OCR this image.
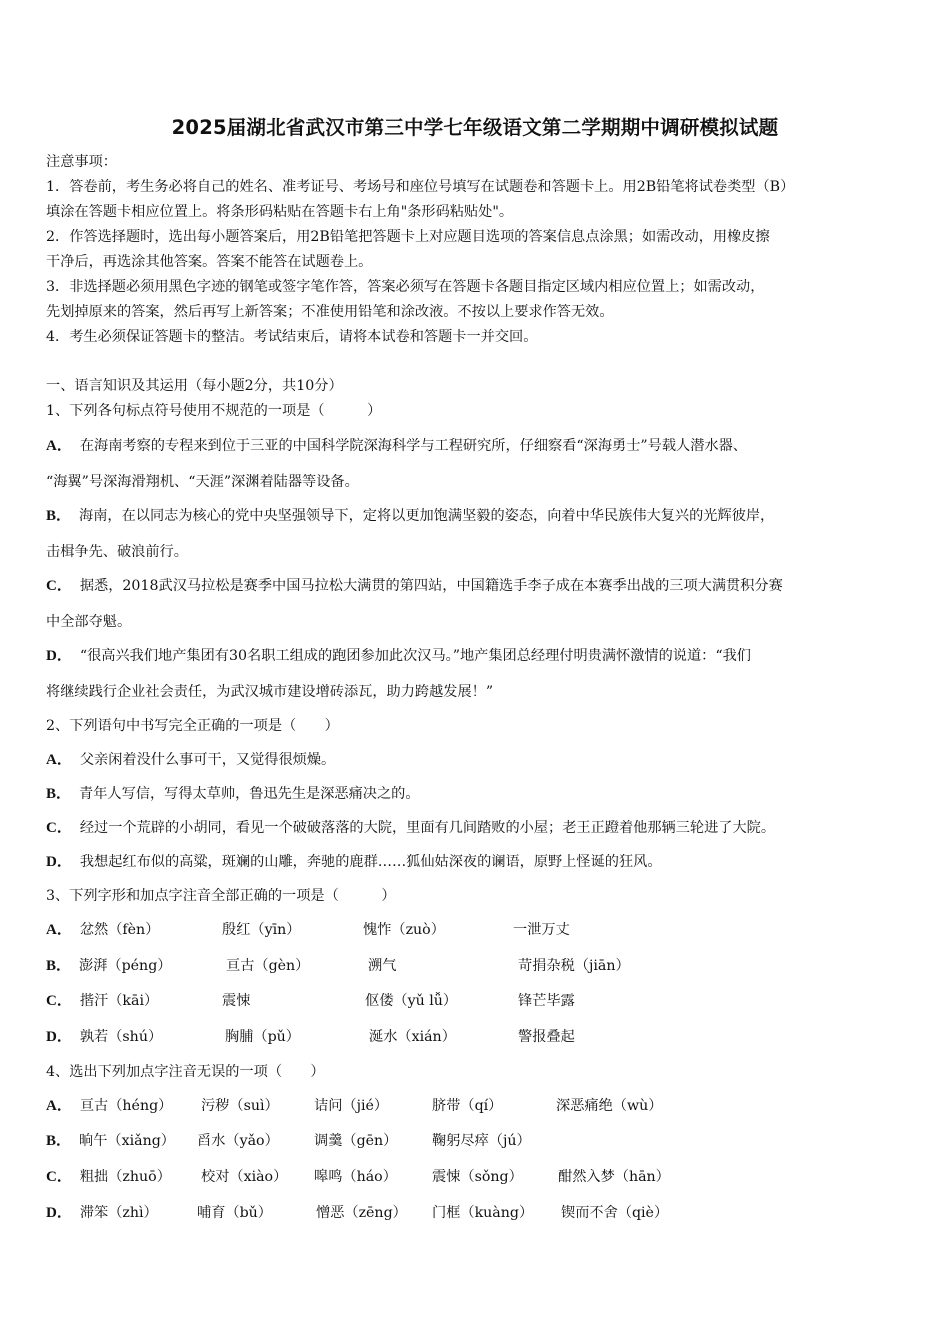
2025届湖北省武汉市第三中学七年级语文第二学期期中调研模拟试题
注意事项：
1．答卷前，考生务必将自己的姓名、准考证号、考场号和座位号填写在试题卷和答题卡上。用2B铅笔将试卷类型（B）
填涂在答题卡相应位置上。将条形码粘贴在答题卡右上角"条形码粘贴处"。
2．作答选择题时，选出每小题答案后，用2B铅笔把答题卡上对应题目选项的答案信息点涂黑；如需改动，用橡皮擦
干净后，再选涂其他答案。答案不能答在试题卷上。
3．非选择题必须用黑色字迹的钢笔或签字笔作答，答案必须写在答题卡各题目指定区域内相应位置上；如需改动，
先划掉原来的答案，然后再写上新答案；不准使用铅笔和涂改液。不按以上要求作答无效。
4．考生必须保证答题卡的整洁。考试结束后，请将本试卷和答题卡一并交回。
一、语言知识及其运用（每小题2分，共10分）
1、下列各句标点符号使用不规范的一项是（　　　）
A． 在海南考察的专程来到位于三亚的中国科学院深海科学与工程研究所，仔细察看“深海勇士”号载人潜水器、
“海翼”号深海滑翔机、“天涯”深渊着陆器等设备。
B． 海南，在以同志为核心的党中央坚强领导下，定将以更加饱满坚毅的姿态，向着中华民族伟大复兴的光辉彼岸，
击楫争先、破浪前行。
C． 据悉，2018武汉马拉松是赛季中国马拉松大满贯的第四站，中国籍选手李子成在本赛季出战的三项大满贯积分赛
中全部夺魁。
D． “很高兴我们地产集团有30名职工组成的跑团参加此次汉马。”地产集团总经理付明贵满怀激情的说道：“我们
将继续践行企业社会责任，为武汉城市建设增砖添瓦，助力跨越发展！”
2、下列语句中书写完全正确的一项是（　　）
A． 父亲闲着没什么事可干，又觉得很烦燥。
B． 青年人写信，写得太草帅，鲁迅先生是深恶痛决之的。
C． 经过一个荒辟的小胡同，看见一个破破落落的大院，里面有几间踏败的小屋；老王正蹬着他那辆三轮进了大院。
D． 我想起红布似的高粱，斑斓的山雕，奔驰的鹿群……狐仙姑深夜的谰语，原野上怪诞的狂风。
3、下列字形和加点字注音全部正确的一项是（　　　）
A． 忿然（fèn）	殷红（yīn）	愧怍（zuò）	一泄万丈
B． 澎湃（péng）	亘古（gèn）	溯气	苛捐杂税（jiān）
C． 揩汗（kāi）	震悚	伛偻（yǔ lǚ）	锋芒毕露
D． 孰若（shú）	胸脯（pǔ）	涎水（xián）	警报叠起
4、选出下列加点字注音无误的一项（　　）
A． 亘古（héng） 污秽（suì） 诘问（jié）	脐带（qí）	深恶痛绝（wù）
B． 晌午（xiǎng） 舀水（yǎo） 调羹（gēn） 鞠躬尽瘁（jú）
C． 粗拙（zhuō） 校对（xiào） 嗥鸣（háo） 震悚（sǒng） 酣然入梦（hān）
D． 滞笨（zhì）	哺育（bǔ）	憎恶（zēng） 门框（kuàng） 锲而不舍（qiè）
